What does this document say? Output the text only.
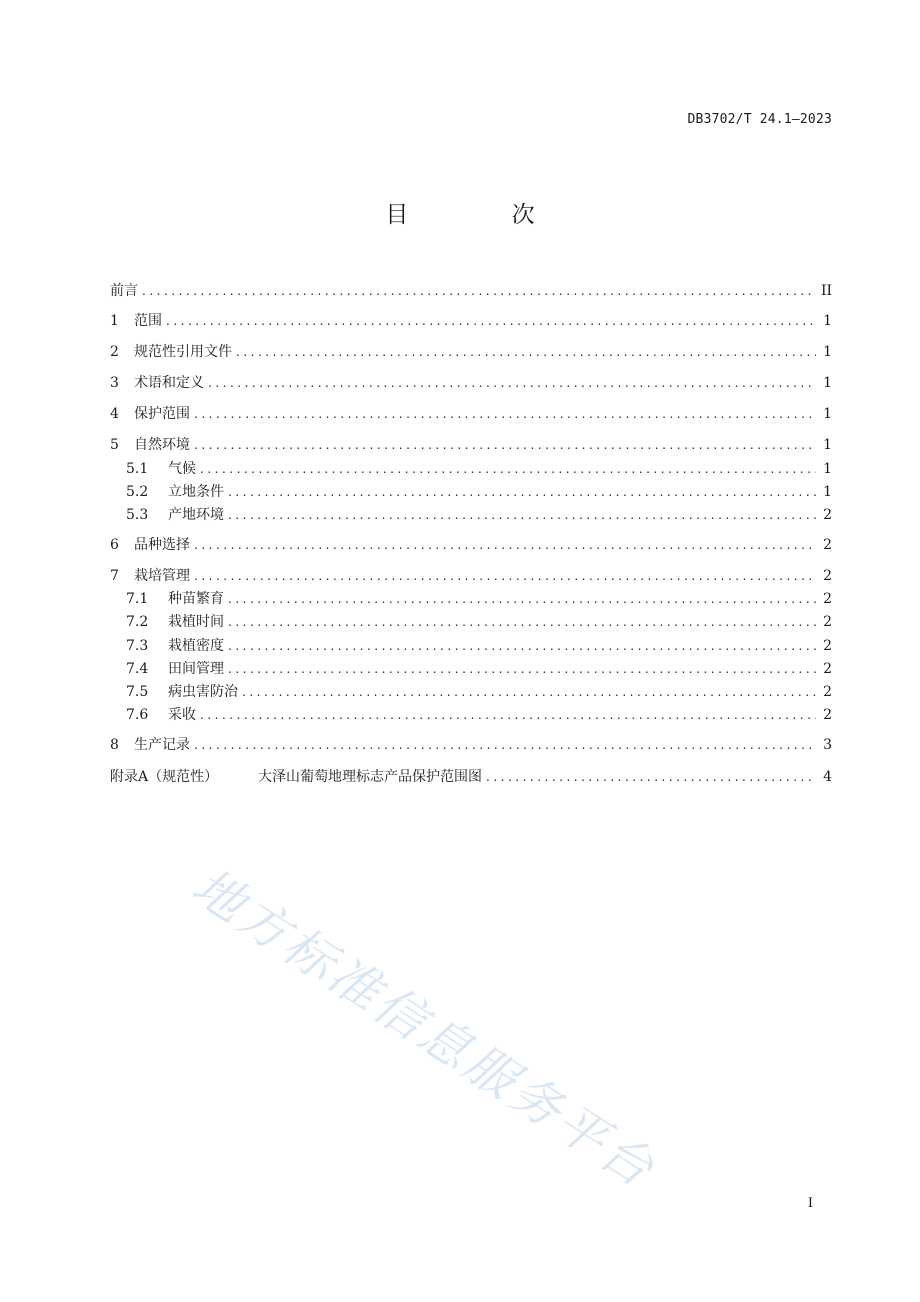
DB3702/T 24.1—2023
目 次
前言 .....	II
1	范围 .....	1
2	规范性引用文件 .....	1
3	术语和定义 .....	1
4	保护范围 .....	1
5	自然环境 .....	1
5.1	气候 .....	1
5.2	立地条件 .....	1
5.3	产地环境 .....	2
6	品种选择 .....	2
7	栽培管理 .....	2
7.1	种苗繁育 .....	2
7.2	栽植时间 .....	2
7.3	栽植密度 .....	2
7.4	田间管理 .....	2
7.5	病虫害防治 .....	2
7.6	采收 .....	2
8	生产记录 .....	3
附录A（规范性）	大泽山葡萄地理标志产品保护范围图 .....	4
地方标准信息服务平台
I
